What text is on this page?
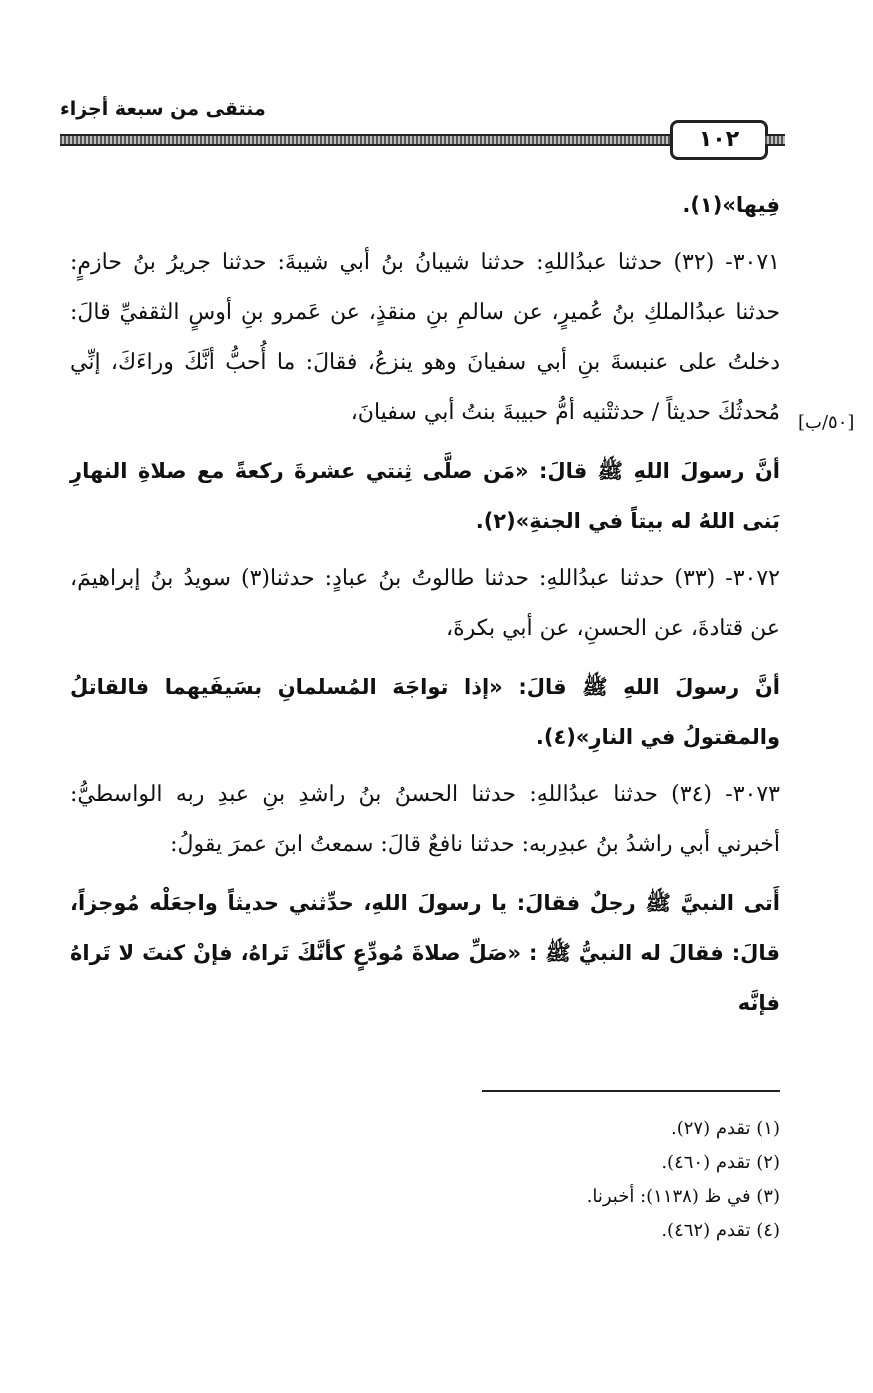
منتقى من سبعة أجزاء
١٠٢
[٥٠/ب]

فِيها»(١).

٣٠٧١- (٣٢) حدثنا عبدُاللهِ: حدثنا شيبانُ بنُ أبي شيبةَ: حدثنا جريرُ بنُ حازمٍ: حدثنا عبدُالملكِ بنُ عُميرٍ، عن سالمِ بنِ منقذٍ، عن عَمرو بنِ أوسٍ الثقفيِّ قالَ: دخلتُ على عنبسةَ بنِ أبي سفيانَ وهو ينزعُ، فقالَ: ما أُحبُّ أنَّكَ وراءَكَ، إنِّي مُحدثُكَ حديثاً / حدثتْنيه أمُّ حبيبةَ بنتُ أبي سفيانَ،

أنَّ رسولَ اللهِ ﷺ قالَ: «مَن صلَّى ثِنتي عشرةَ ركعةً مع صلاةِ النهارِ بَنى اللهُ له بيتاً في الجنةِ»(٢).

٣٠٧٢- (٣٣) حدثنا عبدُاللهِ: حدثنا طالوتُ بنُ عبادٍ: حدثنا(٣) سويدُ بنُ إبراهيمَ، عن قتادةَ، عن الحسنِ، عن أبي بكرةَ،

أنَّ رسولَ اللهِ ﷺ قالَ: «إذا تواجَهَ المُسلمانِ بسَيفَيهما فالقاتلُ والمقتولُ في النارِ»(٤).

٣٠٧٣- (٣٤) حدثنا عبدُاللهِ: حدثنا الحسنُ بنُ راشدِ بنِ عبدِ ربه الواسطيُّ: أخبرني أبي راشدُ بنُ عبدِربه: حدثنا نافعٌ قالَ: سمعتُ ابنَ عمرَ يقولُ:

أَتى النبيَّ ﷺ رجلٌ فقالَ: يا رسولَ اللهِ، حدِّثني حديثاً واجعَلْه مُوجزاً، قالَ: فقالَ له النبيُّ ﷺ : «صَلِّ صلاةَ مُودِّعٍ كأنَّكَ تَراهُ، فإنْ كنتَ لا تَراهُ فإنَّه

(١) تقدم (٢٧).

(٢) تقدم (٤٦٠).

(٣) في ظ (١١٣٨): أخبرنا.

(٤) تقدم (٤٦٢).
